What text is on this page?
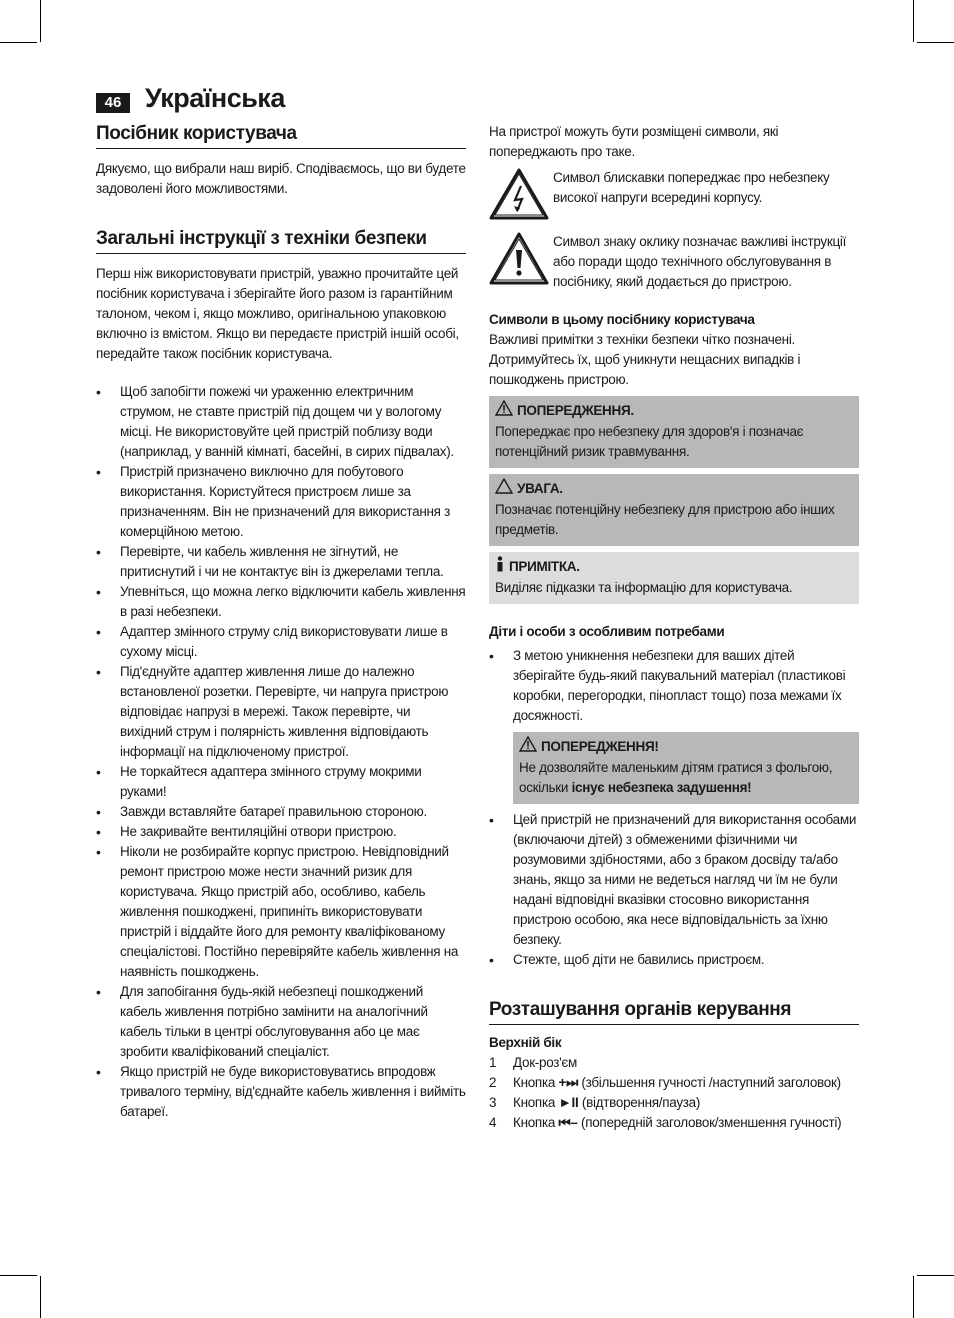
46 Українська
Посібник користувача

Дякуємо, що вибрали наш виріб. Сподіваємось, що ви будете задоволені його можливостями.

Загальні інструкції з техніки безпеки

Перш ніж використовувати пристрій, уважно прочитайте цей посібник користувача і зберігайте його разом із гарантійним талоном, чеком і, якщо можливо, оригінальною упаковкою включно із вмістом. Якщо ви передаєте пристрій іншій особі, передайте також посібник користувача.

• Щоб запобігти пожежі чи ураженню електричним струмом, не ставте пристрій під дощем чи у вологому місці. Не використовуйте цей пристрій поблизу води (наприклад, у ванній кімнаті, басейні, в сирих підвалах).
• Пристрій призначено виключно для побутового використання. Користуйтеся пристроєм лише за призначенням. Він не призначений для використання з комерційною метою.
• Перевірте, чи кабель живлення не зігнутий, не притиснутий і чи не контактує він із джерелами тепла.
• Упевніться, що можна легко відключити кабель живлення в разі небезпеки.
• Адаптер змінного струму слід використовувати лише в сухому місці.
• Під'єднуйте адаптер живлення лише до належно встановленої розетки. Перевірте, чи напруга пристрою відповідає напрузі в мережі. Також перевірте, чи вихідний струм і полярність живлення відповідають інформації на підключеному пристрої.
• Не торкайтеся адаптера змінного струму мокрими руками!
• Завжди вставляйте батареї правильною стороною.
• Не закривайте вентиляційні отвори пристрою.
• Ніколи не розбирайте корпус пристрою. Невідповідний ремонт пристрою може нести значний ризик для користувача. Якщо пристрій або, особливо, кабель живлення пошкоджені, припиніть використовувати пристрій і віддайте його для ремонту кваліфікованому спеціалістові. Постійно перевіряйте кабель живлення на наявність пошкоджень.
• Для запобігання будь-якій небезпеці пошкоджений кабель живлення потрібно замінити на аналогічний кабель тільки в центрі обслуговування або це має зробити кваліфікований спеціаліст.
• Якщо пристрій не буде використовуватись впродовж тривалого терміну, від'єднайте кабель живлення і вийміть батареї.

На пристрої можуть бути розміщені символи, які попереджають про таке.

Символ блискавки попереджає про небезпеку високої напруги всередині корпусу.
Символ знаку оклику позначає важливі інструкції або поради щодо технічного обслуговування в посібнику, який додається до пристрою.
Символи в цьому посібнику користувача

Важливі примітки з техніки безпеки чітко позначені. Дотримуйтесь їх, щоб уникнути нещасних випадків і пошкоджень пристрою.

ПОПЕРЕДЖЕННЯ.
Попереджає про небезпеку для здоров'я і позначає потенційний ризик травмування.
УВАГА.
Позначає потенційну небезпеку для пристрою або інших предметів.
ПРИМІТКА.
Виділяє підказки та інформацію для користувача.
Діти і особи з особливим потребами
• З метою уникнення небезпеки для ваших дітей зберігайте будь-який пакувальний матеріал (пластикові коробки, перегородки, пінопласт тощо) поза межами їх досяжності.
ПОПЕРЕДЖЕННЯ!
Не дозволяйте маленьким дітям гратися з фольгою, оскільки існує небезпека задушення!
• Цей пристрій не призначений для використання особами (включаючи дітей) з обмеженими фізичними чи розумовими здібностями, або з браком досвіду та/або знань, якщо за ними не ведеться нагляд чи їм не були надані відповідні вказівки стосовно використання пристрою особою, яка несе відповідальність за їхню безпеку.
• Стежте, щоб діти не бавились пристроєм.
Розташування органів керування
Верхній бік
1 Док-роз'єм
2 Кнопка +⏭ (збільшення гучності /наступний заголовок)
3 Кнопка ►II (відтворення/пауза)
4 Кнопка ⏮– (попередній заголовок/зменшення гучності)
